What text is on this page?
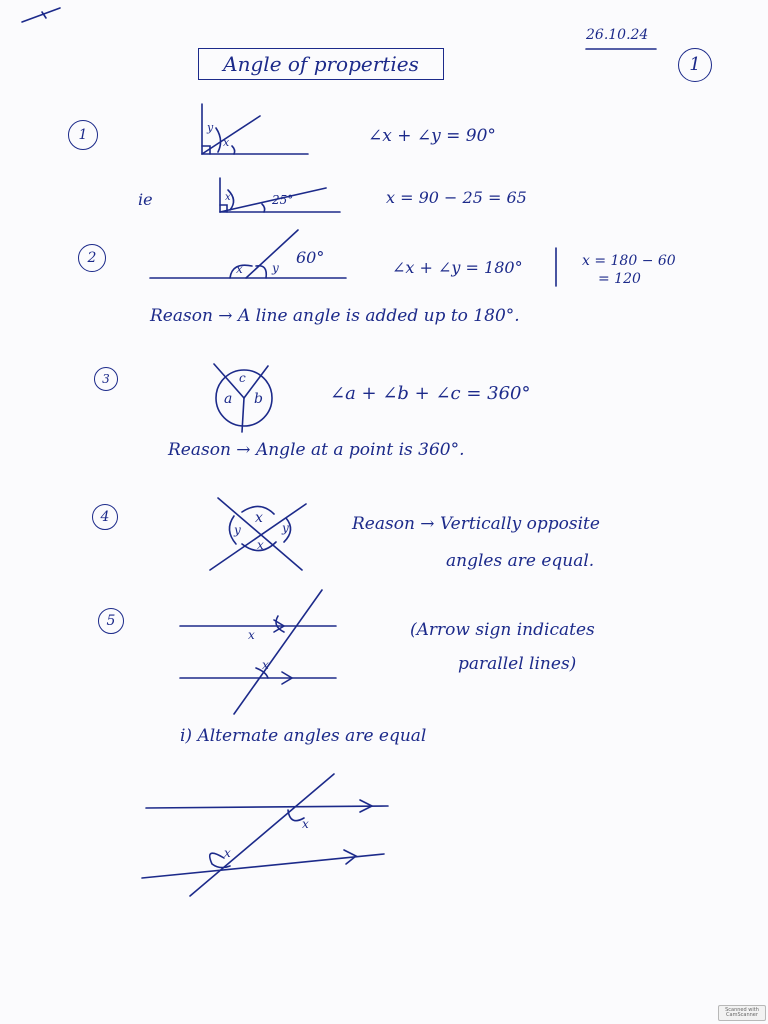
26.10.24
1
Angle of properties
1	y
x	∠x + ∠y = 90°
ie	x	25°	x = 90 − 25 = 65
2
x y
60°
∠x + ∠y = 180°	x = 180 − 60
= 120
Reason → A line angle is added up to 180°.
3	c
a b	∠a + ∠b + ∠c = 360°
Reason → Angle at a point is 360°.
4	x
y	y
x
Reason → Vertically opposite
angles are equal.
5
x
x
(Arrow sign indicates
parallel lines)
i) Alternate angles are equal
x
x
Scanned with CamScanner
